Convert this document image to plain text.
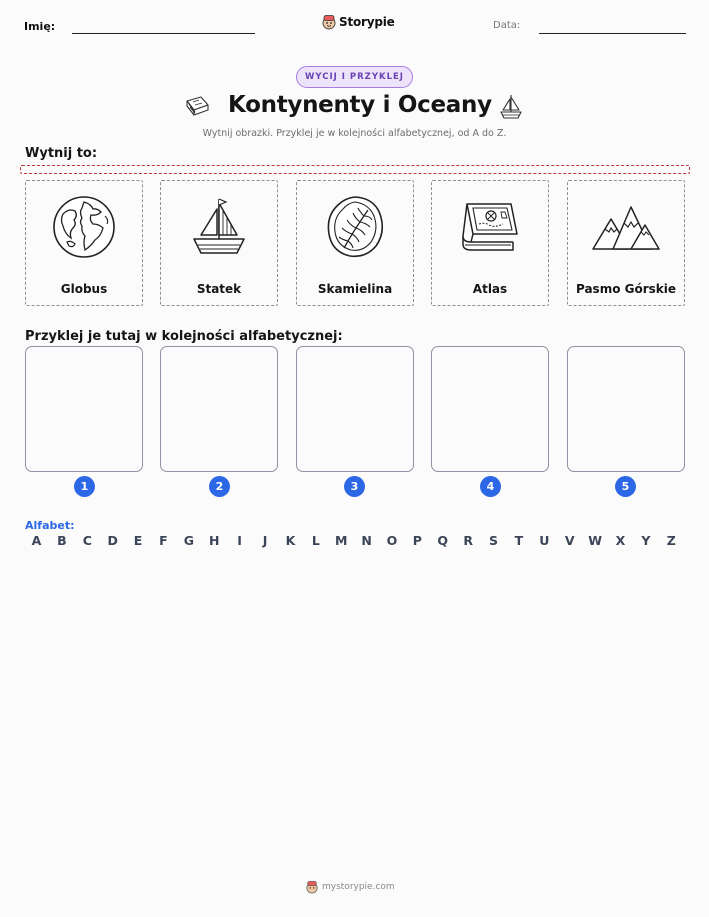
Imię:	Storypie	Data:
WYCIJ I PRZYKLEJ
Kontynenty i Oceany
Wytnij obrazki. Przyklej je w kolejności alfabetycznej, od A do Z.
Wytnij to:
Globus	Statek	Skamielina	Atlas	Pasmo Górskie
Przyklej je tutaj w kolejności alfabetycznej:
1	2	3	4	5
Alfabet:
A	B	C	D	E	F	G	H	I	J	K	L	M	N	O	P	Q	R	S	T	U	V	W	X	Y	Z
mystorypie.com
